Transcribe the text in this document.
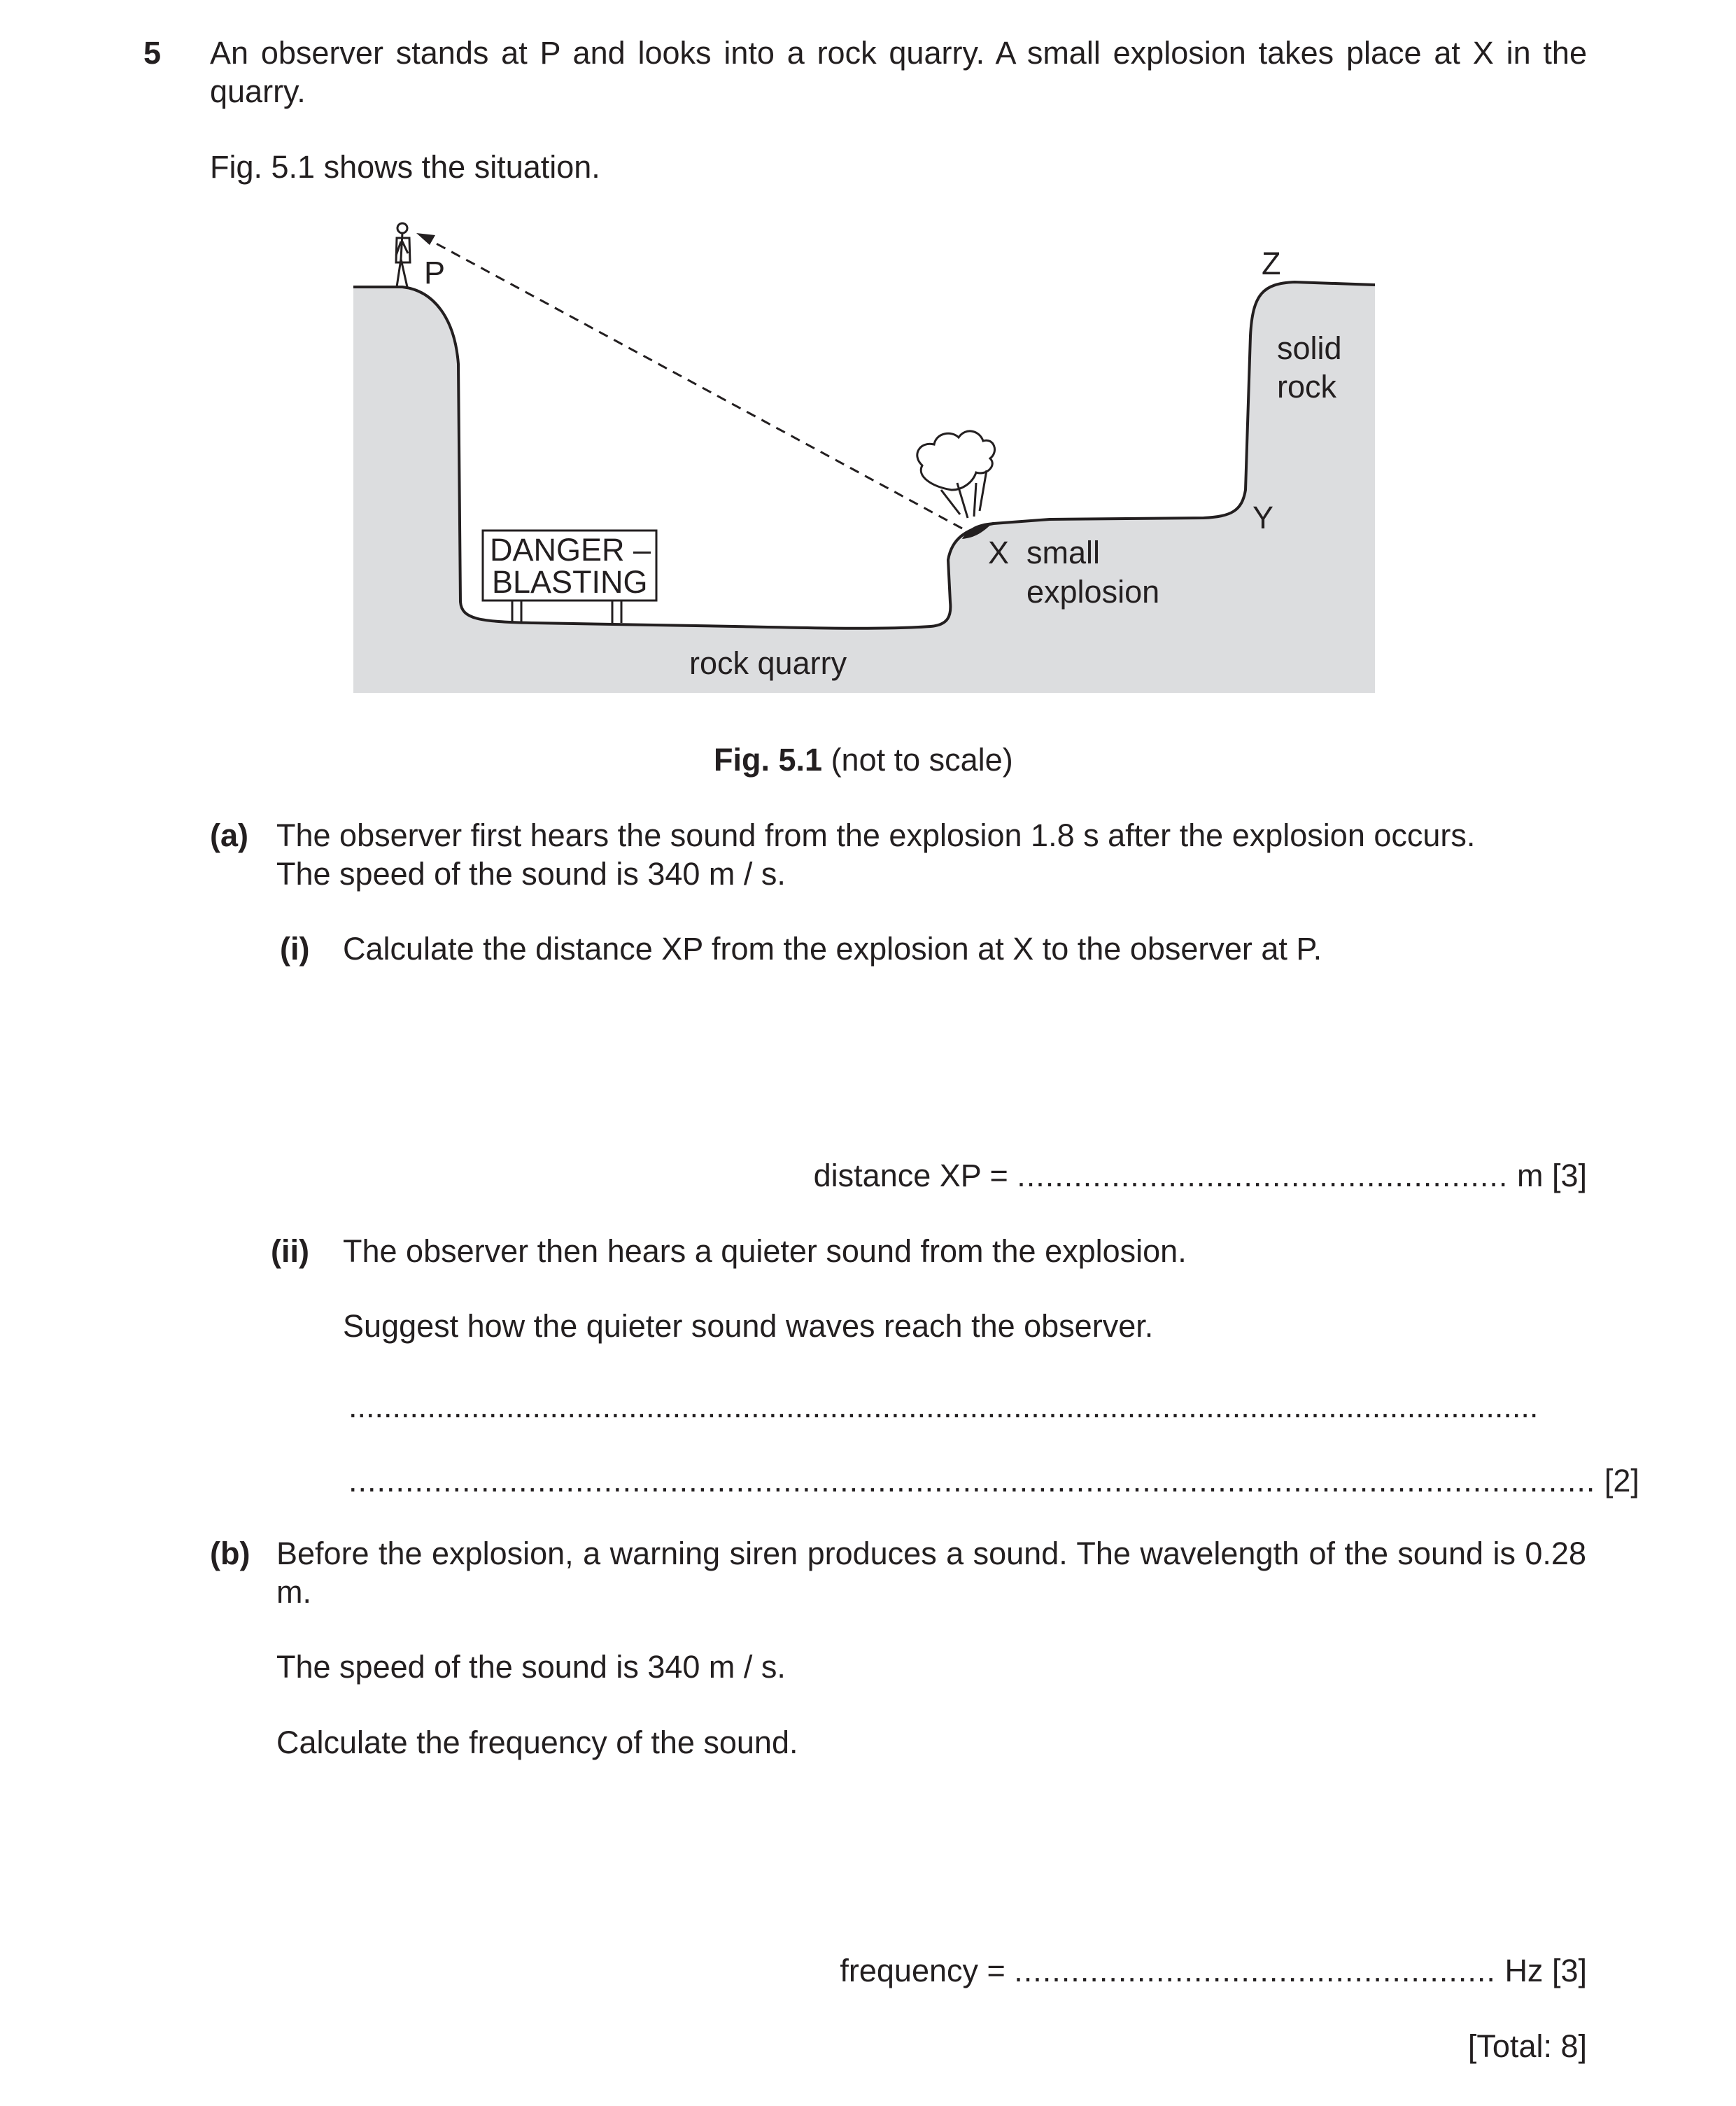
5 An observer stands at P and looks into a rock quarry. A small explosion takes place at X in the quarry.
Fig. 5.1 shows the situation.
P	Z
solid
rock
Y
X small
explosion
DANGER –
BLASTING
rock quarry
Fig. 5.1 (not to scale)
(a) The observer first hears the sound from the explosion 1.8 s after the explosion occurs.
The speed of the sound is 340 m / s.
(i) Calculate the distance XP from the explosion at X to the observer at P.
distance XP = .................................................... m [3]
(ii) The observer then hears a quieter sound from the explosion.
Suggest how the quieter sound waves reach the observer.
........................................................................................................................................
.................................................................................................................................... [2]
(b) Before the explosion, a warning siren produces a sound. The wavelength of the sound is 0.28 m.
The speed of the sound is 340 m / s.
Calculate the frequency of the sound.
frequency = ................................................... Hz [3]
[Total: 8]
